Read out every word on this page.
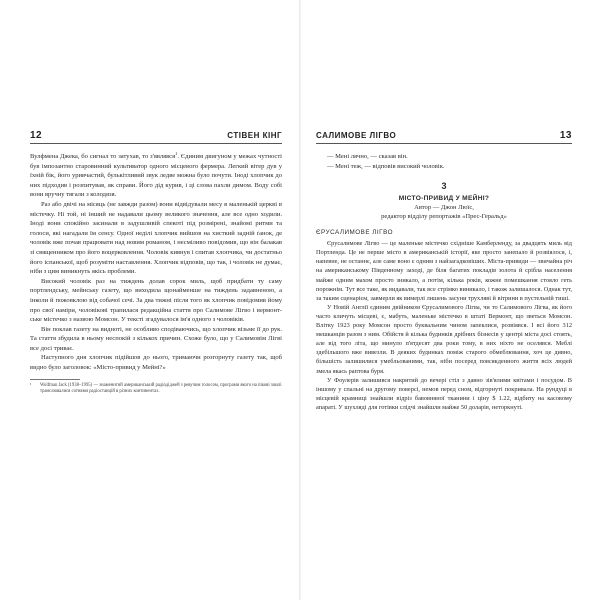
12	СТІВЕН КІНГ

Вулфмена Джека, бо сигнал то затухав, то з'являвся$^1$. Єдиним двигуном у межах чутності був імпозантно старовинний культиватор одного місцевого фермера. Легкий вітер дув у їхній бік, його уривчастий, булькітливий звук ледве можна було почути. Іноді хлопчик до них підходив і розпитував, як справи. Його дід курив, і ці слова пахли димом. Воду собі вони вручну тягали з колодязя.

Раз або двічі на місяць (не завжди разом) вони відвідували месу в маленькій церкві в містечку. Ні той, ні інший не надавали цьому великого значення, але все одно ходили. Іноді вони спокійно засинали в задушливій спекоті під розмірені, знайомі ритми та голоси, які нагадали їм сенсу. Одної неділі хлопчик вийшов на хисткий задній ґанок, де чоловік вже почав працювати над новим романом, і несміливо повідомив, що він балакав зі священником про його воцерковлення. Чоловік кивнув і спитав хлопчика, чи достатньо його іспанської, щоб розуміти наставлення. Хлопчик відповів, що так, і чоловік не думає, ніби з цим виникнуть якісь проблеми.

Високий чоловік раз на тиждень долав сорок миль, щоб придбати ту саму портлендську, мейнську газету, що виходила щонайменше на тиждень задавненою, а інколи й пожовклою від собачої сечі. За два тижні після того як хлопчик повідомив йому про свої наміри, чоловікові трапилася редакційна стаття про Салимове Лігво і вермонтське містечко з назвою Момсон. У тексті згадувалося ім'я одного з чоловіків.

Він поклав газету на видноті, не особливо сподіваючись, що хлопчик візьме її до рук. Та стаття збудила в ньому неспокій з кількох причин. Схоже було, що у Салимовім Лігві все досі триває.

Наступного дня хлопчик підійшов до нього, тримаючи розгорнуту газету так, щоб видно було заголовок: «Місто-привид у Мейні?»

¹	Wolfman Jack (1938–1995) — знаменитий американський радіодіджей з ревучим голосом, програми якого на пікові хвилі транслювалися сотнями радіостанцій в різних континентах.
САЛИМОВЕ ЛІГВО	13

— Мені лячно, — сказав він.

— Мені теж, — відповів високий чоловік.

3
МІСТО-ПРИВИД У МЕЙНІ?
Автор — Джон Люїс,
редактор відділу репортажів «Прес-Геральд»
ЄРУСАЛИМОВЕ ЛІГВО

Єрусалимове Лігво — це маленьке містечко східніше Камберленду, за двадцять миль від Портленда. Це не перше місто в американській історії, яке просто занепало й розвіялося, і, напевне, не останнє, але саме воно є одним з найзагадковіших. Міста-привиди — звичайна річ на американському Південному заході, де біля багатих покладів золота й срібла населення майже одним махом просто зникало, а потім, кілька років, кожне помешкання стояло геть порожнім. Тут все таке, як видавали, так все стрімко виникало, і також залишалося. Однак тут, за таким сценарієм, завмерли як вимерлі лишень засуни трухляві й вітрини в пустельній тиші.

У Новій Англії єдиним двійником Єрусалимового Лігва, чи то Салимового Лігва, як його часто кличуть місцеві, є, мабуть, маленьке містечко в штаті Вермонт, що зветься Момсон. Влітку 1923 року Момсон просто буквальним чином запеклися, розвіявся. І всі його 312 мешканців разом з ним. Обійстя й кілька будинків дрібних бізнесів у центрі міста досі стоять, але від того літа, що минуло п'ятдесят два роки тому, в них ніхто не оселявся. Меблі здебільшого вже вивезли. В деяких будинках поміж старого обмеблювання, хоч це дивно, більшість залишилися умебльованими, так, ніби посеред повсякденного життя всіх людей змела якась раптова буря.

У Фоулерів залишився накритий до вечері стіл з давно зів'ялими квітами і посудом. В іншому у спальні на другому поверсі, немов перед сном, відгорнуті покривала. На рундуці в місцевій крамниці знайшли відріз бавовняної тканини і ціну $ 1.22, відбиту на касовому апараті. У шухляді для готівки слідчі знайшли майже 50 доларів, неторкнуті.
